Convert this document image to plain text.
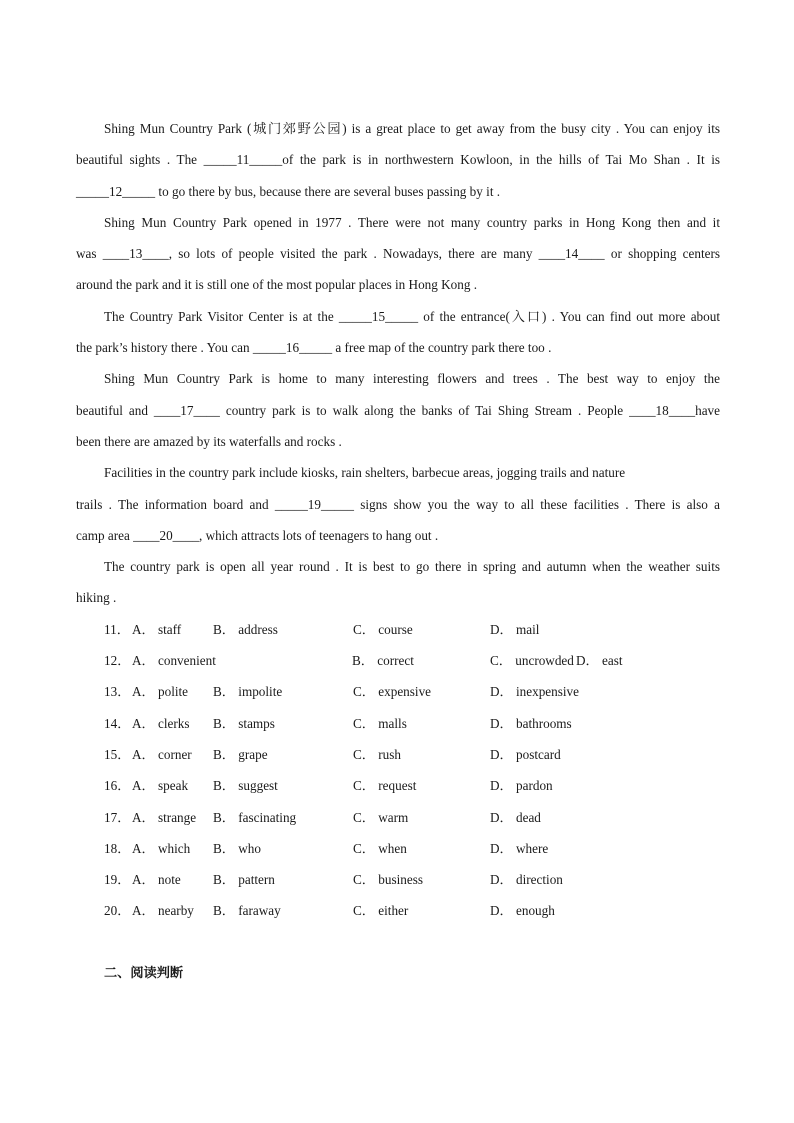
Shing Mun Country Park (城门郊野公园) is a great place to get away from the busy city . You can enjoy its
beautiful sights . The _____11_____of the park is in northwestern Kowloon, in the hills of Tai Mo Shan . It is
_____12_____ to go there by bus, because there are several buses passing by it .
Shing Mun Country Park opened in 1977 . There were not many country parks in Hong Kong then and it
was ____13____, so lots of people visited the park . Nowadays, there are many ____14____ or shopping centers
around the park and it is still one of the most popular places in Hong Kong .
The Country Park Visitor Center is at the _____15_____ of the entrance(入口) . You can find out more about
the park’s history there . You can _____16_____ a free map of the country park there too .
Shing Mun Country Park is home to many interesting flowers and trees . The best way to enjoy the
beautiful and ____17____ country park is to walk along the banks of Tai Shing Stream . People ____18____have
been there are amazed by its waterfalls and rocks .
Facilities in the country park include kiosks, rain shelters, barbecue areas, jogging trails and nature
trails . The information board and _____19_____ signs show you the way to all these facilities . There is also a
camp area ____20____, which attracts lots of teenagers to hang out .
The country park is open all year round . It is best to go there in spring and autumn when the weather suits
hiking .
11． A． staff B． address	C． course	D． mail
12． A． convenient	B． correct	C． uncrowded D． east
13． A． polite B． impolite	C． expensive	D． inexpensive
14． A． clerks B． stamps	C． malls	D． bathrooms
15． A． corner B． grape	C． rush	D． postcard
16． A． speak B． suggest	C． request	D． pardon
17． A． strange B． fascinating	C． warm	D． dead
18． A． which B． who	C． when	D． where
19． A． note B． pattern	C． business	D． direction
20． A． nearby B． faraway	C． either	D． enough
二、阅读判断
